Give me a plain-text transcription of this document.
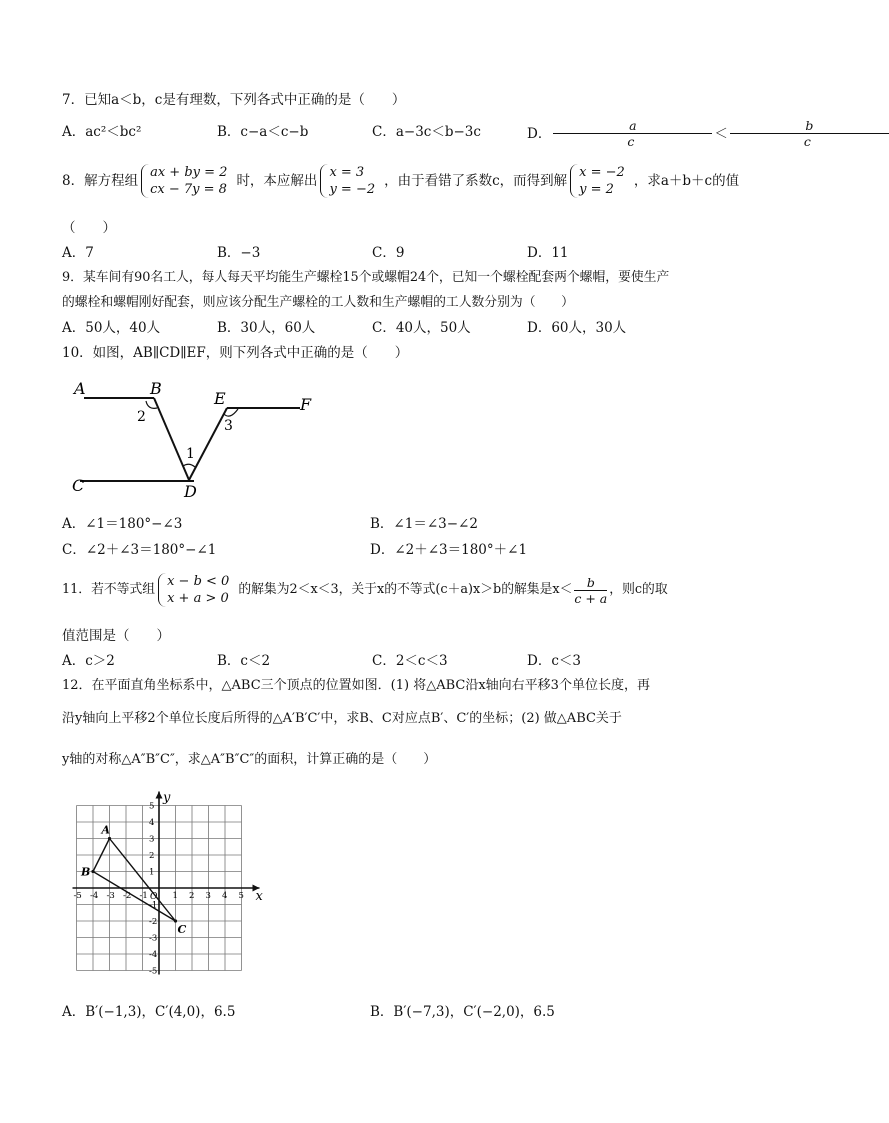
7．已知a＜b，c是有理数，下列各式中正确的是（　　）
A．ac²＜bc²	B．c−a＜c−b	C．a−3c＜b−3c	D． $\frac{a}{c} < \frac{b}{c}$
8．解方程组
ax + by = 2
cx − 7y = 8
时，本应解出
x = 3
y = −2
，由于看错了系数c，而得到解
x = −2
y = 2
，求a＋b＋c的值
（　　）
A．7	B．−3	C．9	D．11
9．某车间有90名工人，每人每天平均能生产螺栓15个或螺帽24个，已知一个螺栓配套两个螺帽，要使生产
的螺栓和螺帽刚好配套，则应该分配生产螺栓的工人数和生产螺帽的工人数分别为（　　）
A．50人，40人	B．30人，60人	C．40人，50人	D．60人，30人
10．如图，AB∥CD∥EF，则下列各式中正确的是（　　）
A	B
C	D
E	F
2
3
1
A．∠1＝180°−∠3	B．∠1＝∠3−∠2
C．∠2＋∠3＝180°−∠1	D．∠2＋∠3＝180°＋∠1
11．若不等式组
x − b < 0
x + a > 0
的解集为2＜x＜3，关于x的不等式(c＋a)x＞b的解集是$x< \frac{b}{c + a}$ ，则c的取
值范围是（　　）
A．c＞2	B．c＜2	C．2＜c＜3	D．c＜3
12．在平面直角坐标系中，△ABC三个顶点的位置如图．(1) 将△ABC沿x轴向右平移3个单位长度，再
沿y轴向上平移2个单位长度后所得的△A′B′C′中，求B、C对应点B′、C′的坐标；(2) 做△ABC关于
y轴的对称△A″B″C″，求△A″B″C″的面积，计算正确的是（　　）
x
y
O
-5 -4 -3 -2 -1	1 2 3 4 5
5
4
3
2
1
-1
-2
-3
-4
-5
A
B
C
A．B′(−1,3)，C′(4,0)，6.5	B．B′(−7,3)，C′(−2,0)，6.5
